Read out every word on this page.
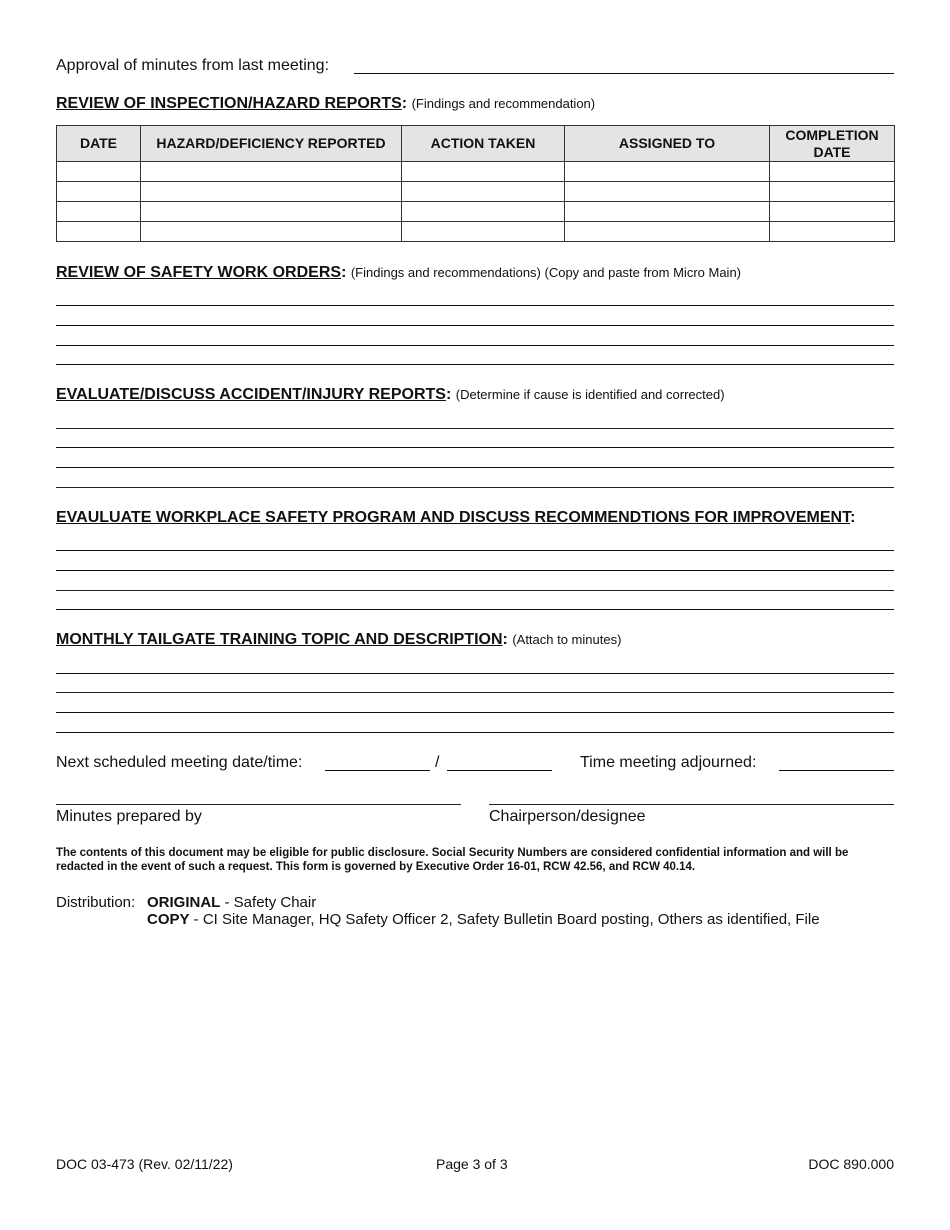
Approval of minutes from last meeting:
REVIEW OF INSPECTION/HAZARD REPORTS: (Findings and recommendation)
DATE	HAZARD/DEFICIENCY REPORTED	ACTION TAKEN	ASSIGNED TO	COMPLETION DATE

REVIEW OF SAFETY WORK ORDERS: (Findings and recommendations) (Copy and paste from Micro Main)
EVALUATE/DISCUSS ACCIDENT/INJURY REPORTS: (Determine if cause is identified and corrected)
EVAULUATE WORKPLACE SAFETY PROGRAM AND DISCUSS RECOMMENDTIONS FOR IMPROVEMENT:
MONTHLY TAILGATE TRAINING TOPIC AND DESCRIPTION: (Attach to minutes)
Next scheduled meeting date/time:	/	Time meeting adjourned:
Minutes prepared by	Chairperson/designee
The contents of this document may be eligible for public disclosure. Social Security Numbers are considered confidential information and will be redacted in the event of such a request. This form is governed by Executive Order 16-01, RCW 42.56, and RCW 40.14.
Distribution: ORIGINAL - Safety Chair
COPY - CI Site Manager, HQ Safety Officer 2, Safety Bulletin Board posting, Others as identified, File
DOC 03-473 (Rev. 02/11/22)	Page 3 of 3	DOC 890.000
